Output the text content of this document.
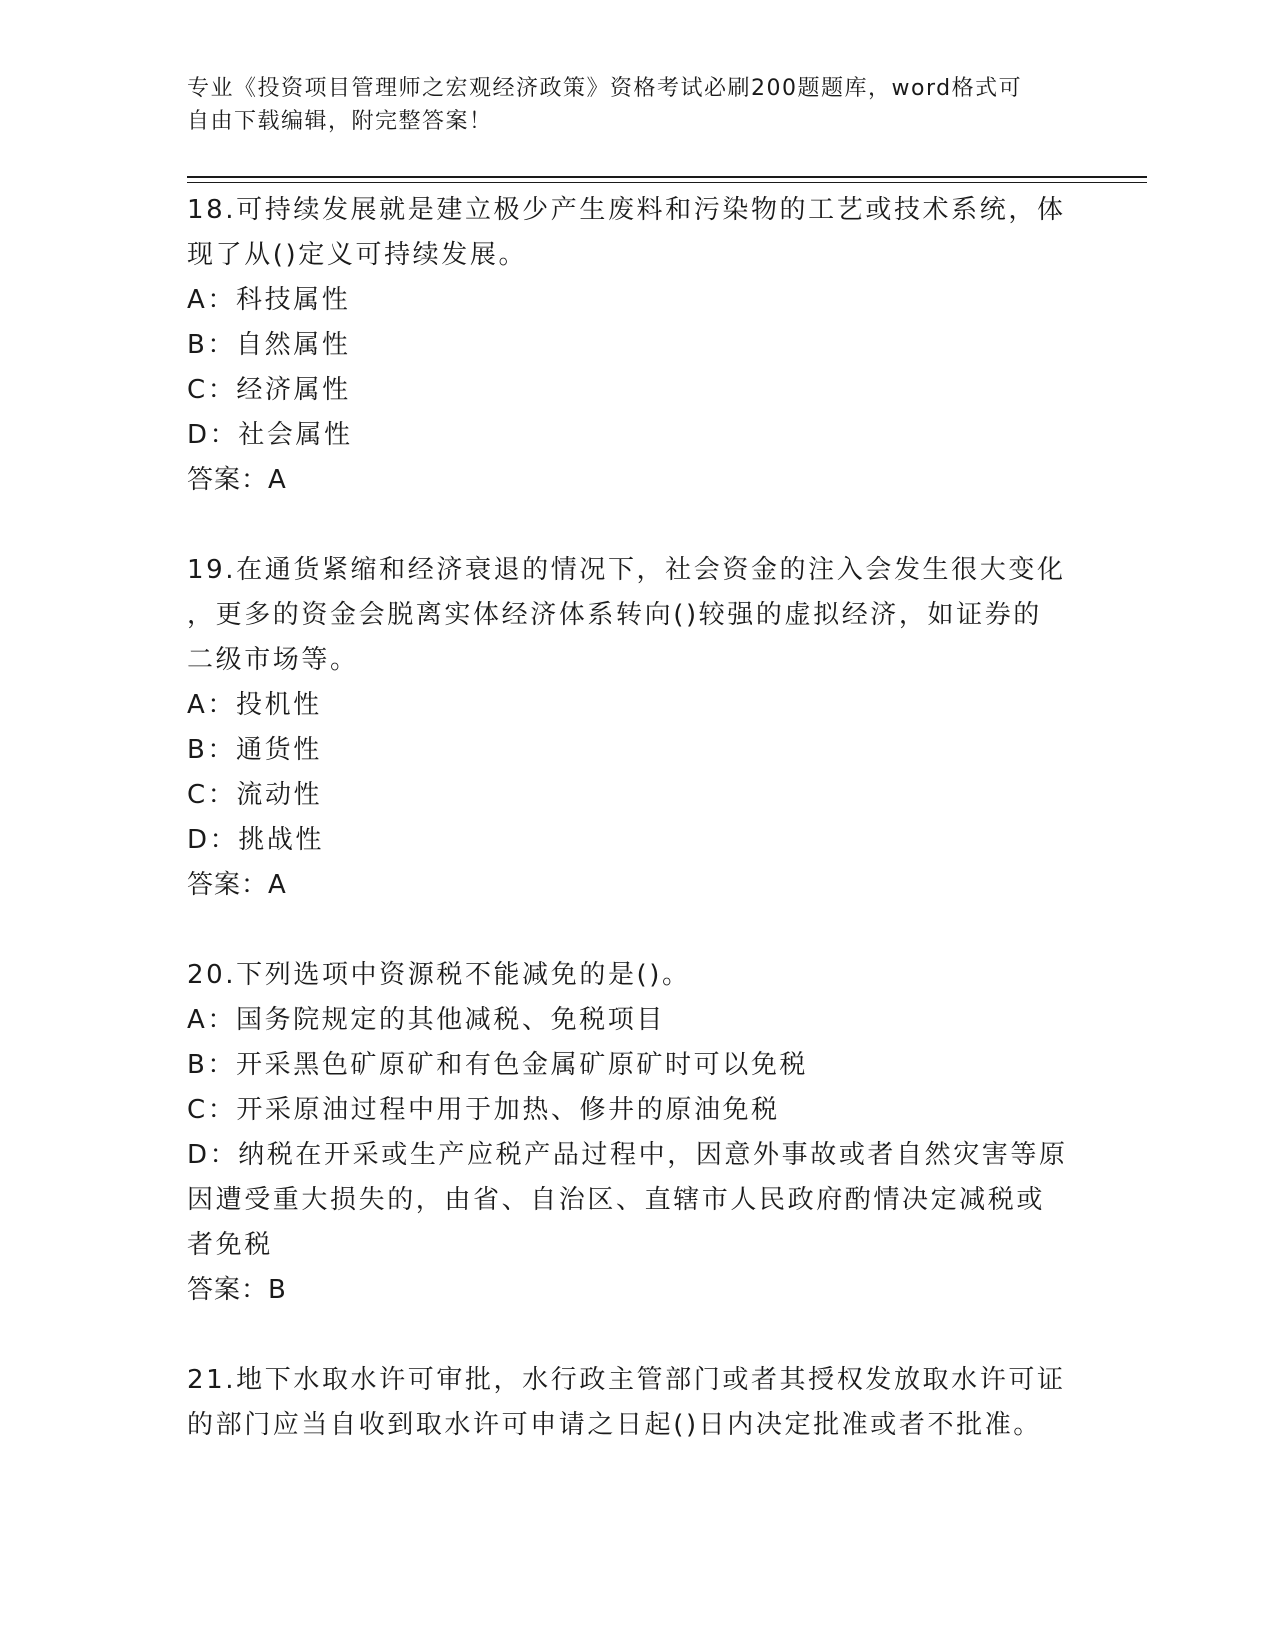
专业《投资项目管理师之宏观经济政策》资格考试必刷200题题库，word格式可
自由下载编辑，附完整答案！
18.可持续发展就是建立极少产生废料和污染物的工艺或技术系统，体
现了从()定义可持续发展。
A：科技属性
B：自然属性
C：经济属性
D：社会属性
答案：A
19.在通货紧缩和经济衰退的情况下，社会资金的注入会发生很大变化
，更多的资金会脱离实体经济体系转向()较强的虚拟经济，如证券的
二级市场等。
A：投机性
B：通货性
C：流动性
D：挑战性
答案：A
20.下列选项中资源税不能减免的是()。
A：国务院规定的其他减税、免税项目
B：开采黑色矿原矿和有色金属矿原矿时可以免税
C：开采原油过程中用于加热、修井的原油免税
D：纳税在开采或生产应税产品过程中，因意外事故或者自然灾害等原
因遭受重大损失的，由省、自治区、直辖市人民政府酌情决定减税或
者免税
答案：B
21.地下水取水许可审批，水行政主管部门或者其授权发放取水许可证
的部门应当自收到取水许可申请之日起()日内决定批准或者不批准。
